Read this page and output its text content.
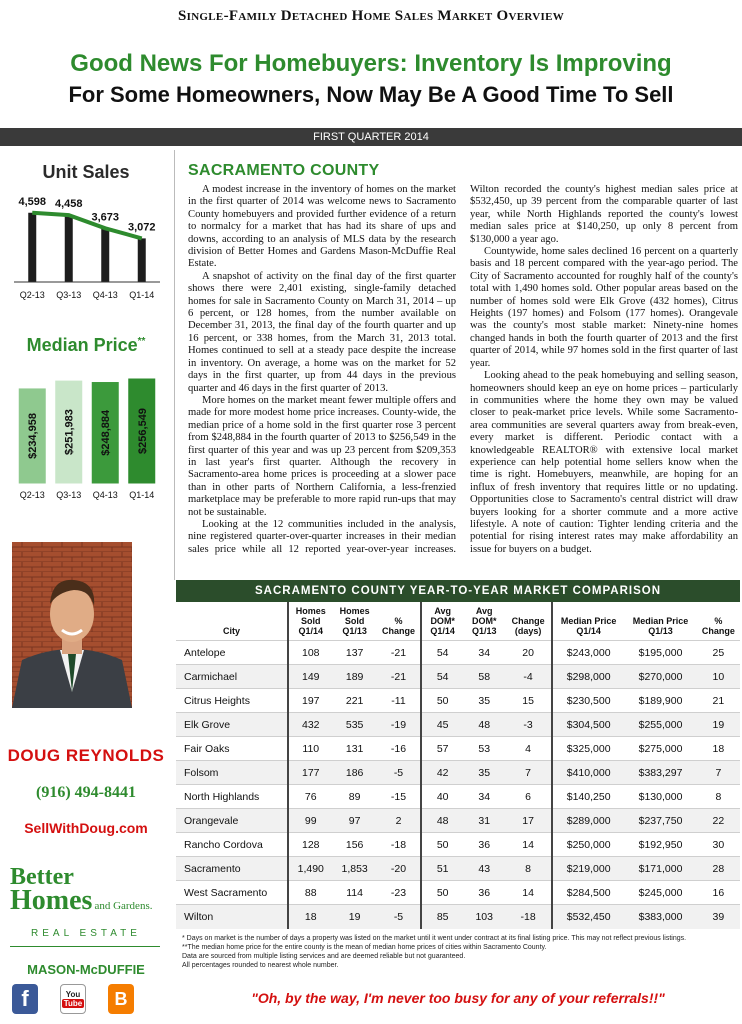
Single-Family Detached Home Sales Market Overview
Good News For Homebuyers: Inventory Is Improving
For Some Homeowners, Now May Be A Good Time To Sell
FIRST QUARTER 2014
Unit Sales
4,598
Q2-13
4,458
Q3-13
3,673
Q4-13
3,072
Q1-14
Median Price**
$234,958
Q2-13
$251,983
Q3-13
$248,884
Q4-13
$256,549
Q1-14
DOUG REYNOLDS
(916) 494-8441
SellWithDoug.com
Better
Homes and Gardens.
REAL ESTATE
MASON-McDUFFIE
f	You
Tube	B
SACRAMENTO COUNTY

A modest increase in the inventory of homes on the market in the first quarter of 2014 was welcome news to Sacramento County homebuyers and provided further evidence of a return to normalcy for a market that has had its share of ups and downs, according to an analysis of MLS data by the research division of Better Homes and Gardens Mason-McDuffie Real Estate.

A snapshot of activity on the final day of the first quarter shows there were 2,401 existing, single-family detached homes for sale in Sacramento County on March 31, 2014 – up 6 percent, or 128 homes, from the number available on December 31, 2013, the final day of the fourth quarter and up 16 percent, or 338 homes, from the March 31, 2013 total. Homes continued to sell at a steady pace despite the increase in inventory. On average, a home was on the market for 52 days in the first quarter, up from 44 days in the previous quarter and 46 days in the first quarter of 2013.

More homes on the market meant fewer multiple offers and made for more modest home price increases. County-wide, the median price of a home sold in the first quarter rose 3 percent from $248,884 in the fourth quarter of 2013 to $256,549 in the first quarter of this year and was up 23 percent from $209,353 in last year's first quarter. Although the recovery in Sacramento-area home prices is proceeding at a slower pace than in other parts of Northern California, a less-frenzied marketplace may be preferable to more rapid run-ups that may not be sustainable.

Looking at the 12 communities included in the analysis, nine registered quarter-over-quarter increases in their median sales price while all 12 reported year-over-year increases. Wilton recorded the county's highest median sales price at $532,450, up 39 percent from the comparable quarter of last year, while North Highlands reported the county's lowest median sales price at $140,250, up only 8 percent from $130,000 a year ago.

Countywide, home sales declined 16 percent on a quarterly basis and 18 percent compared with the year-ago period. The City of Sacramento accounted for roughly half of the county's total with 1,490 homes sold. Other popular areas based on the number of homes sold were Elk Grove (432 homes), Citrus Heights (197 homes) and Folsom (177 homes). Orangevale was the county's most stable market: Ninety-nine homes changed hands in both the fourth quarter of 2013 and the first quarter of 2014, while 97 homes sold in the first quarter of last year.

Looking ahead to the peak homebuying and selling season, homeowners should keep an eye on home prices – particularly in communities where the home they own may be valued closer to peak-market price levels. While some Sacramento-area communities are several quarters away from break-even, every market is different. Periodic contact with a knowledgeable REALTOR® with extensive local market experience can help potential home sellers know when the time is right. Homebuyers, meanwhile, are hoping for an influx of fresh inventory that requires little or no updating. Opportunities close to Sacramento's central district will draw buyers looking for a shorter commute and a more active lifestyle. A note of caution: Tighter lending criteria and the potential for rising interest rates may make affordability an issue for buyers on a budget.

SACRAMENTO COUNTY YEAR-TO-YEAR MARKET COMPARISON
City	Homes Sold Q1/14	Homes Sold Q1/13	% Change	Avg DOM* Q1/14	Avg DOM* Q1/13	Change (days)	Median Price Q1/14	Median Price Q1/13	% Change
Antelope	108	137	-21	54	34	20	$243,000	$195,000	25
Carmichael	149	189	-21	54	58	-4	$298,000	$270,000	10
Citrus Heights	197	221	-11	50	35	15	$230,500	$189,900	21
Elk Grove	432	535	-19	45	48	-3	$304,500	$255,000	19
Fair Oaks	110	131	-16	57	53	4	$325,000	$275,000	18
Folsom	177	186	-5	42	35	7	$410,000	$383,297	7
North Highlands	76	89	-15	40	34	6	$140,250	$130,000	8
Orangevale	99	97	2	48	31	17	$289,000	$237,750	22
Rancho Cordova	128	156	-18	50	36	14	$250,000	$192,950	30
Sacramento	1,490	1,853	-20	51	43	8	$219,000	$171,000	28
West Sacramento	88	114	-23	50	36	14	$284,500	$245,000	16
Wilton	18	19	-5	85	103	-18	$532,450	$383,000	39
* Days on market is the number of days a property was listed on the market until it went under contract at its final listing price. This may not reflect previous listings.
**The median home price for the entire county is the mean of median home prices of cities within Sacramento County.
Data are sourced from multiple listing services and are deemed reliable but not guaranteed.
All percentages rounded to nearest whole number.
"Oh, by the way, I'm never too busy for any of your referrals!!"
